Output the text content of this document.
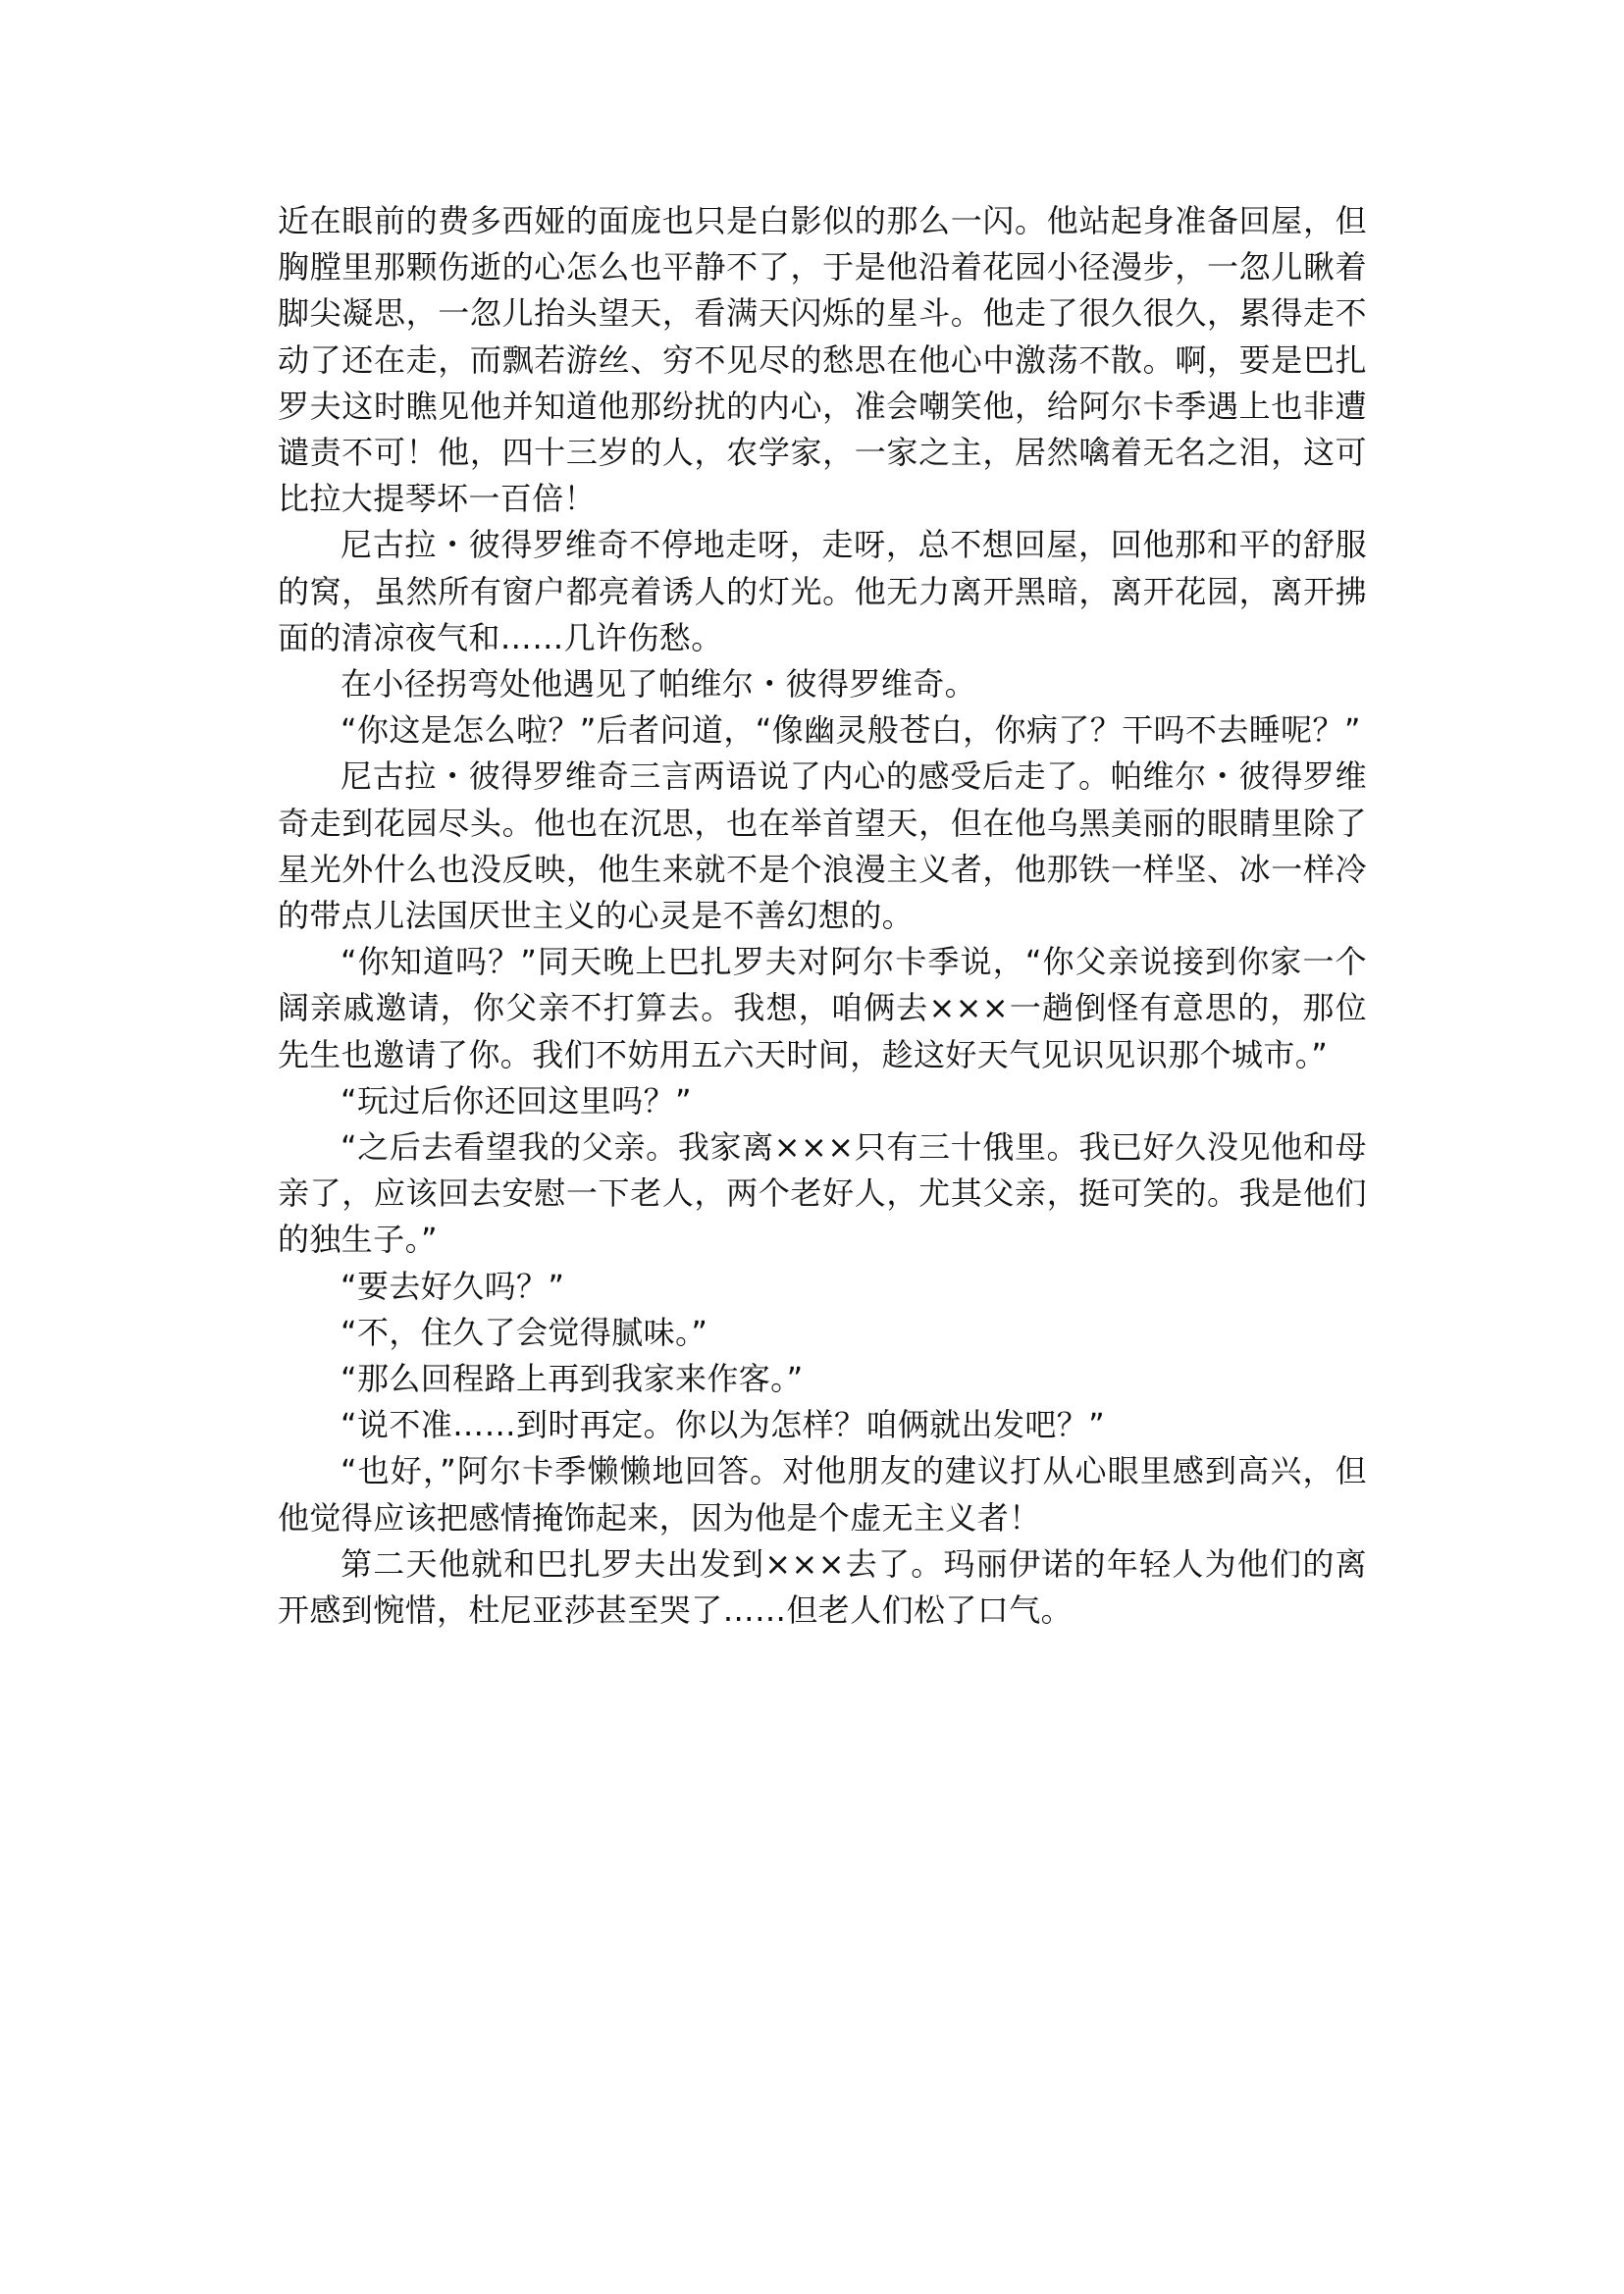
近在眼前的费多西娅的面庞也只是白影似的那么一闪。他站起身准备回屋，但胸膛里那颗伤逝的心怎么也平静不了，于是他沿着花园小径漫步，一忽儿瞅着脚尖凝思，一忽儿抬头望天，看满天闪烁的星斗。他走了很久很久，累得走不动了还在走，而飘若游丝、穷不见尽的愁思在他心中激荡不散。啊，要是巴扎罗夫这时瞧见他并知道他那纷扰的内心，准会嘲笑他，给阿尔卡季遇上也非遭谴责不可！他，四十三岁的人，农学家，一家之主，居然噙着无名之泪，这可比拉大提琴坏一百倍！

尼古拉・彼得罗维奇不停地走呀，走呀，总不想回屋，回他那和平的舒服的窝，虽然所有窗户都亮着诱人的灯光。他无力离开黑暗，离开花园，离开拂面的清凉夜气和……几许伤愁。

在小径拐弯处他遇见了帕维尔・彼得罗维奇。

“你这是怎么啦？”后者问道，“像幽灵般苍白，你病了？干吗不去睡呢？”

尼古拉・彼得罗维奇三言两语说了内心的感受后走了。帕维尔・彼得罗维奇走到花园尽头。他也在沉思，也在举首望天，但在他乌黑美丽的眼睛里除了星光外什么也没反映，他生来就不是个浪漫主义者，他那铁一样坚、冰一样冷的带点儿法国厌世主义的心灵是不善幻想的。

“你知道吗？”同天晚上巴扎罗夫对阿尔卡季说，“你父亲说接到你家一个阔亲戚邀请，你父亲不打算去。我想，咱俩去×××一趟倒怪有意思的，那位先生也邀请了你。我们不妨用五六天时间，趁这好天气见识见识那个城市。”

“玩过后你还回这里吗？”

“之后去看望我的父亲。我家离×××只有三十俄里。我已好久没见他和母亲了，应该回去安慰一下老人，两个老好人，尤其父亲，挺可笑的。我是他们的独生子。”

“要去好久吗？”

“不，住久了会觉得腻味。”

“那么回程路上再到我家来作客。”

“说不准……到时再定。你以为怎样？咱俩就出发吧？”

“也好，”阿尔卡季懒懒地回答。对他朋友的建议打从心眼里感到高兴，但他觉得应该把感情掩饰起来，因为他是个虚无主义者！

第二天他就和巴扎罗夫出发到×××去了。玛丽伊诺的年轻人为他们的离开感到惋惜，杜尼亚莎甚至哭了……但老人们松了口气。
